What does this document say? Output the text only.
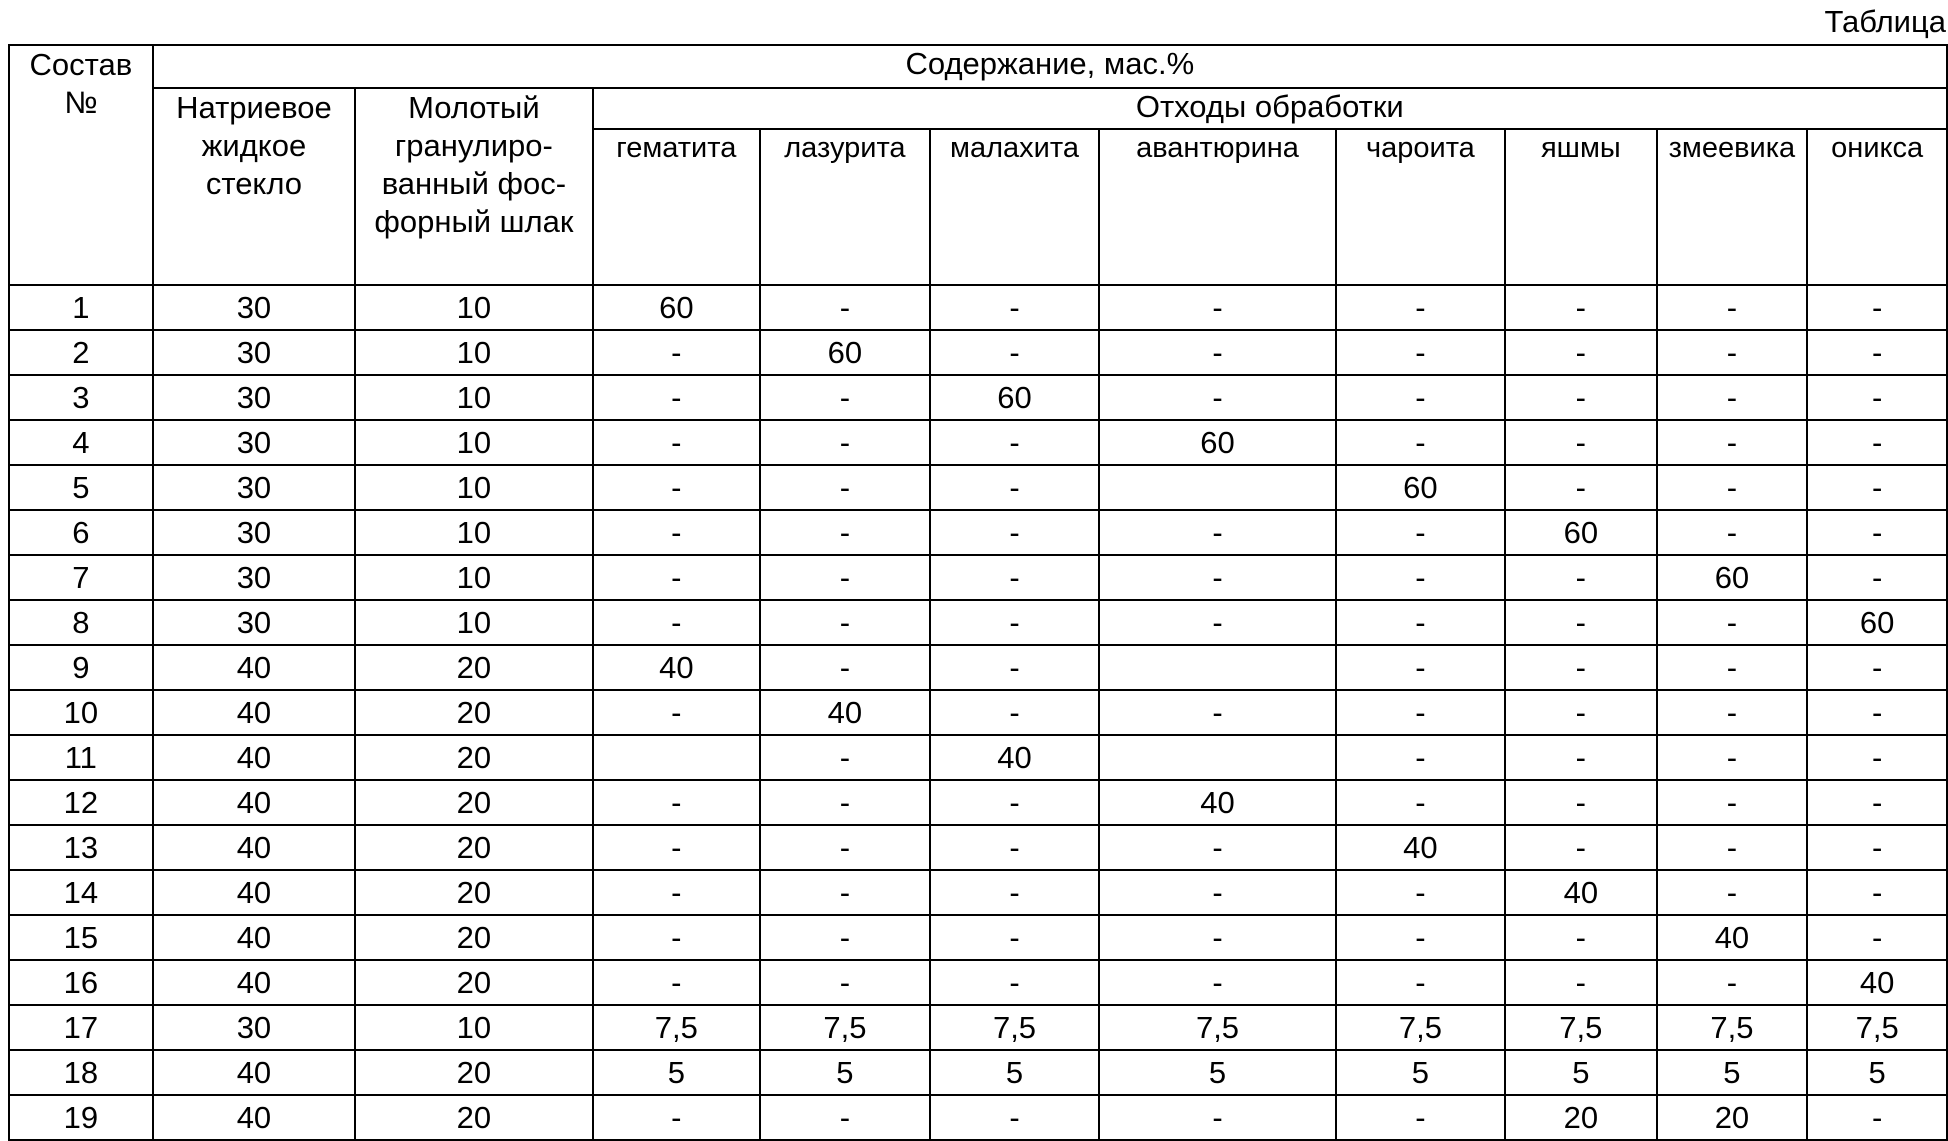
Таблица
Состав №	Содержание, мас.%									
	Натриевое жидкое стекло	Молотый гранулиро-ванный фос-форный шлак	Отходы обработки							
			гематита	лазурита	малахита	авантюрина	чароита	яшмы	змеевика	оникса

1	30	10	60	-	-	-	-	-	-	-
2	30	10	-	60	-	-	-	-	-	-
3	30	10	-	-	60	-	-	-	-	-
4	30	10	-	-	-	60	-	-	-	-
5	30	10	-	-	-		60	-	-	-
6	30	10	-	-	-	-	-	60	-	-
7	30	10	-	-	-	-	-	-	60	-
8	30	10	-	-	-	-	-	-	-	60
9	40	20	40	-	-		-	-	-	-
10	40	20	-	40	-	-	-	-	-	-
11	40	20		-	40		-	-	-	-
12	40	20	-	-	-	40	-	-	-	-
13	40	20	-	-	-	-	40	-	-	-
14	40	20	-	-	-	-	-	40	-	-
15	40	20	-	-	-	-	-	-	40	-
16	40	20	-	-	-	-	-	-	-	40
17	30	10	7,5	7,5	7,5	7,5	7,5	7,5	7,5	7,5
18	40	20	5	5	5	5	5	5	5	5
19	40	20	-	-	-	-	-	20	20	-
